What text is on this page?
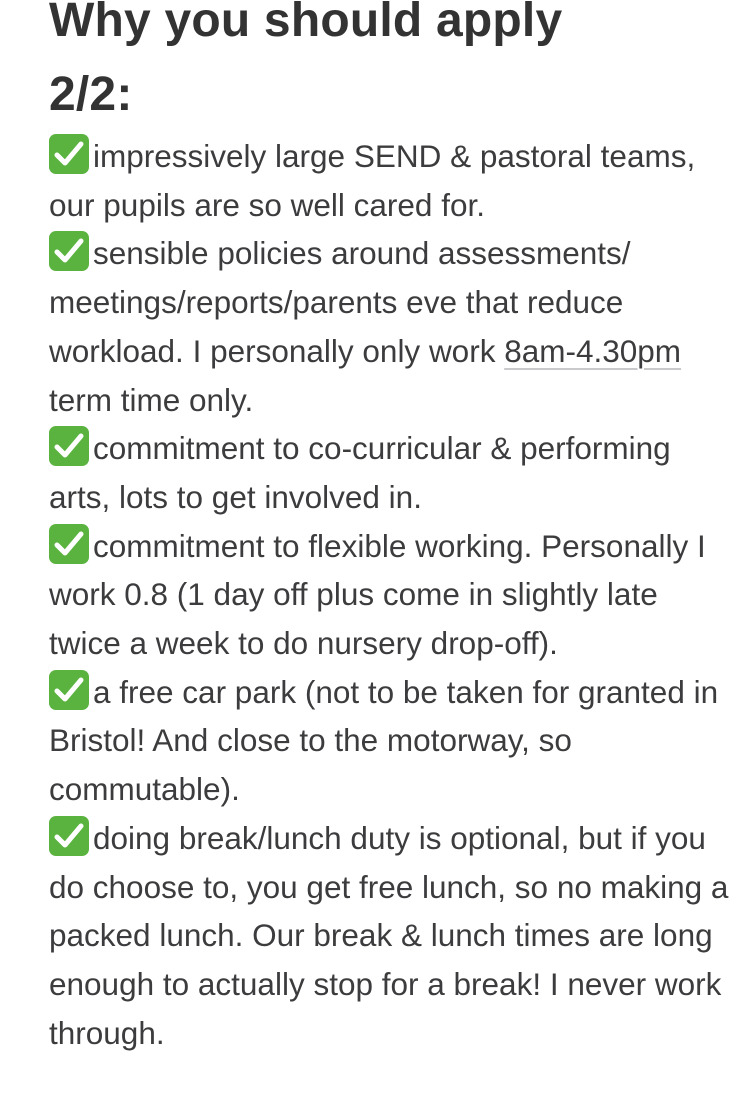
Why you should apply
2/2:
impressively large SEND & pastoral teams, our pupils are so well cared for.
sensible policies around assessments/ meetings/reports/parents eve that reduce workload. I personally only work 8am-4.30pm term time only.
commitment to co-curricular & performing arts, lots to get involved in.
commitment to flexible working. Personally I work 0.8 (1 day off plus come in slightly late twice a week to do nursery drop-off).
a free car park (not to be taken for granted in Bristol! And close to the motorway, so commutable).
doing break/lunch duty is optional, but if you do choose to, you get free lunch, so no making a packed lunch. Our break & lunch times are long enough to actually stop for a break! I never work through.
